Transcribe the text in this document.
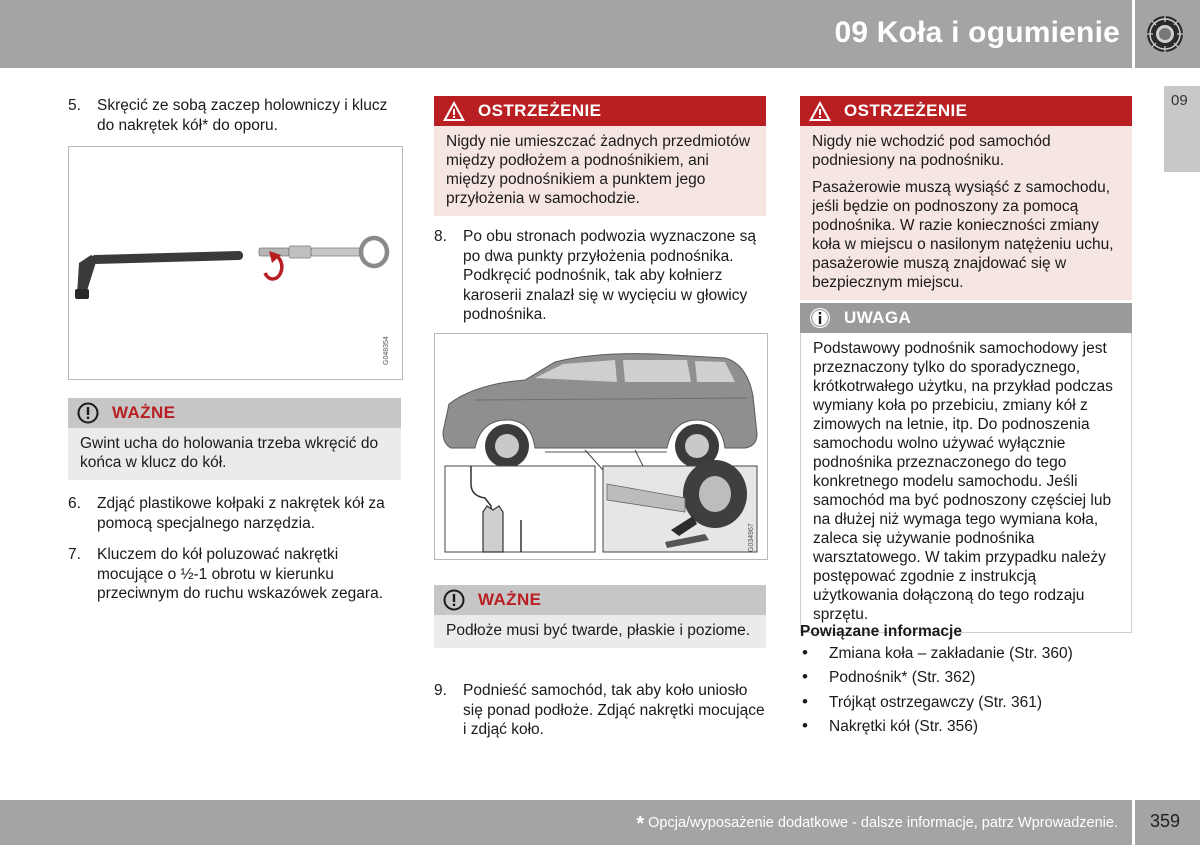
09 Koła i ogumienie
09
5. Skręcić ze sobą zaczep holowniczy i klucz do nakrętek kół* do oporu.
G048354
WAŻNE
Gwint ucha do holowania trzeba wkręcić do końca w klucz do kół.
6. Zdjąć plastikowe kołpaki z nakrętek kół za pomocą specjalnego narzędzia.
7. Kluczem do kół poluzować nakrętki mocujące o ½-1 obrotu w kierunku przeciwnym do ruchu wskazówek zegara.
OSTRZEŻENIE
Nigdy nie umieszczać żadnych przedmiotów między podłożem a podnośnikiem, ani między podnośnikiem a punktem jego przyłożenia w samochodzie.
8. Po obu stronach podwozia wyznaczone są po dwa punkty przyłożenia podnośnika. Podkręcić podnośnik, tak aby kołnierz karoserii znalazł się w wycięciu w głowicy podnośnika.
G034967
WAŻNE
Podłoże musi być twarde, płaskie i poziome.
9. Podnieść samochód, tak aby koło uniosło się ponad podłoże. Zdjąć nakrętki mocujące i zdjąć koło.
OSTRZEŻENIE

Nigdy nie wchodzić pod samochód podniesiony na podnośniku.

Pasażerowie muszą wysiąść z samochodu, jeśli będzie on podnoszony za pomocą podnośnika. W razie konieczności zmiany koła w miejscu o nasilonym natężeniu uchu, pasażerowie muszą znajdować się w bezpiecznym miejscu.

UWAGA
Podstawowy podnośnik samochodowy jest przeznaczony tylko do sporadycznego, krótkotrwałego użytku, na przykład podczas wymiany koła po przebiciu, zmiany kół z zimowych na letnie, itp. Do podnoszenia samochodu wolno używać wyłącznie podnośnika przeznaczonego do tego konkretnego modelu samochodu. Jeśli samochód ma być podnoszony częściej lub na dłużej niż wymaga tego wymiana koła, zaleca się używanie podnośnika warsztatowego. W takim przypadku należy postępować zgodnie z instrukcją użytkowania dołączoną do tego rodzaju sprzętu.
Powiązane informacje
• Zmiana koła – zakładanie (Str. 360)
• Podnośnik* (Str. 362)
• Trójkąt ostrzegawczy (Str. 361)
• Nakrętki kół (Str. 356)
* Opcja/wyposażenie dodatkowe - dalsze informacje, patrz Wprowadzenie. 359
